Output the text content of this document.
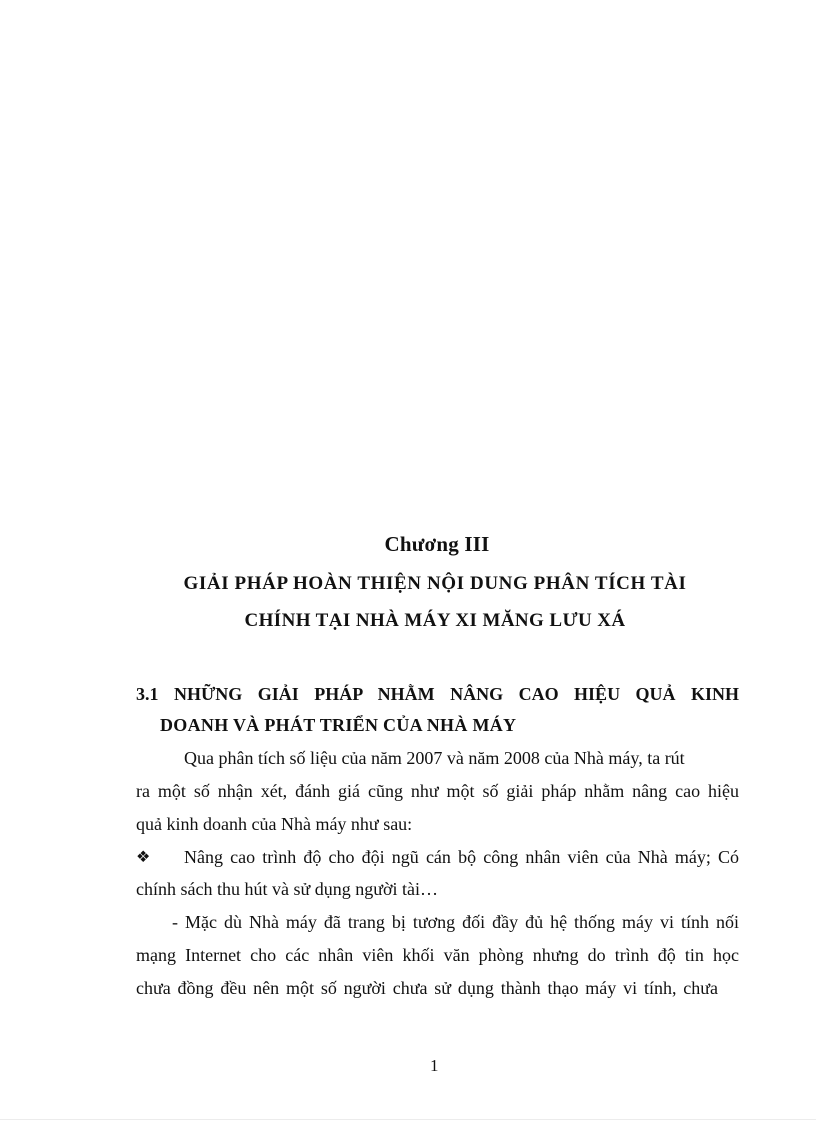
Chương III
GIẢI PHÁP HOÀN THIỆN NỘI DUNG PHÂN TÍCH TÀI
CHÍNH TẠI NHÀ MÁY XI MĂNG LƯU XÁ
3.1 NHỮNG GIẢI PHÁP NHẰM NÂNG CAO HIỆU QUẢ KINH
DOANH VÀ PHÁT TRIỂN CỦA NHÀ MÁY
Qua phân tích số liệu của năm 2007 và năm 2008 của Nhà máy, ta rút
ra một số nhận xét, đánh giá cũng như một số giải pháp nhằm nâng cao hiệu
quả kinh doanh của Nhà máy như sau:
❖ Nâng cao trình độ cho đội ngũ cán bộ công nhân viên của Nhà máy; Có
chính sách thu hút và sử dụng người tài…
- Mặc dù Nhà máy đã trang bị tương đối đầy đủ hệ thống máy vi tính nối
mạng Internet cho các nhân viên khối văn phòng nhưng do trình độ tin học
chưa đồng đều nên một số người chưa sử dụng thành thạo máy vi tính, chưa
1
